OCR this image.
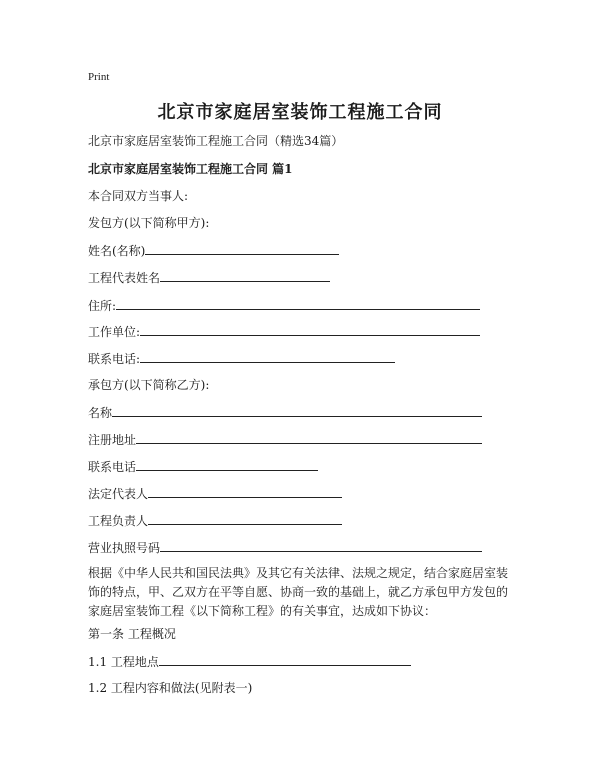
Print
北京市家庭居室装饰工程施工合同
北京市家庭居室装饰工程施工合同（精选34篇）
北京市家庭居室装饰工程施工合同 篇1
本合同双方当事人:
发包方(以下简称甲方):
姓名(名称)
工程代表姓名
住所:
工作单位:
联系电话:
承包方(以下简称乙方):
名称
注册地址
联系电话
法定代表人
工程负责人
营业执照号码
根据《中华人民共和国民法典》及其它有关法律、法规之规定，结合家庭居室装饰的特点，甲、乙双方在平等自愿、协商一致的基础上，就乙方承包甲方发包的家庭居室装饰工程《以下简称工程》的有关事宜，达成如下协议：
第一条 工程概况
1.1 工程地点
1.2 工程内容和做法(见附表一)
